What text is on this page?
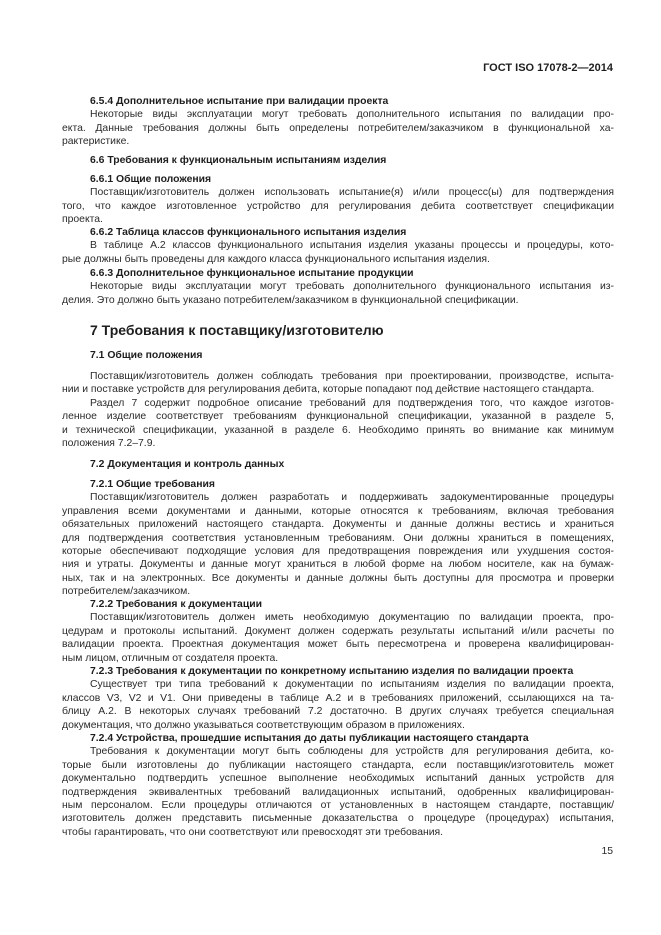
ГОСТ ISO 17078-2—2014
6.5.4 Дополнительное испытание при валидации проекта
Некоторые виды эксплуатации могут требовать дополнительного испытания по валидации про-
екта. Данные требования должны быть определены потребителем/заказчиком в функциональной ха-
рактеристике.
6.6 Требования к функциональным испытаниям изделия
6.6.1 Общие положения
Поставщик/изготовитель должен использовать испытание(я) и/или процесс(ы) для подтверждения
того, что каждое изготовленное устройство для регулирования дебита соответствует спецификации
проекта.
6.6.2 Таблица классов функционального испытания изделия
В таблице А.2 классов функционального испытания изделия указаны процессы и процедуры, кото-
рые должны быть проведены для каждого класса функционального испытания изделия.
6.6.3 Дополнительное функциональное испытание продукции
Некоторые виды эксплуатации могут требовать дополнительного функционального испытания из-
делия. Это должно быть указано потребителем/заказчиком в функциональной спецификации.
7 Требования к поставщику/изготовителю
7.1 Общие положения
Поставщик/изготовитель должен соблюдать требования при проектировании, производстве, испыта-
нии и поставке устройств для регулирования дебита, которые попадают под действие настоящего стандарта.
Раздел 7 содержит подробное описание требований для подтверждения того, что каждое изготов-
ленное изделие соответствует требованиям функциональной спецификации, указанной в разделе 5,
и технической спецификации, указанной в разделе 6. Необходимо принять во внимание как минимум
положения 7.2–7.9.
7.2 Документация и контроль данных
7.2.1 Общие требования
Поставщик/изготовитель должен разработать и поддерживать задокументированные процедуры
управления всеми документами и данными, которые относятся к требованиям, включая требования
обязательных приложений настоящего стандарта. Документы и данные должны вестись и храниться
для подтверждения соответствия установленным требованиям. Они должны храниться в помещениях,
которые обеспечивают подходящие условия для предотвращения повреждения или ухудшения состоя-
ния и утраты. Документы и данные могут храниться в любой форме на любом носителе, как на бумаж-
ных, так и на электронных. Все документы и данные должны быть доступны для просмотра и проверки
потребителем/заказчиком.
7.2.2 Требования к документации
Поставщик/изготовитель должен иметь необходимую документацию по валидации проекта, про-
цедурам и протоколы испытаний. Документ должен содержать результаты испытаний и/или расчеты по
валидации проекта. Проектная документация может быть пересмотрена и проверена квалифицирован-
ным лицом, отличным от создателя проекта.
7.2.3 Требования к документации по конкретному испытанию изделия по валидации проекта
Существует три типа требований к документации по испытаниям изделия по валидации проекта,
классов V3, V2 и V1. Они приведены в таблице А.2 и в требованиях приложений, ссылающихся на та-
блицу А.2. В некоторых случаях требований 7.2 достаточно. В других случаях требуется специальная
документация, что должно указываться соответствующим образом в приложениях.
7.2.4 Устройства, прошедшие испытания до даты публикации настоящего стандарта
Требования к документации могут быть соблюдены для устройств для регулирования дебита, ко-
торые были изготовлены до публикации настоящего стандарта, если поставщик/изготовитель может
документально подтвердить успешное выполнение необходимых испытаний данных устройств для
подтверждения эквивалентных требований валидационных испытаний, одобренных квалифицирован-
ным персоналом. Если процедуры отличаются от установленных в настоящем стандарте, поставщик/
изготовитель должен представить письменные доказательства о процедуре (процедурах) испытания,
чтобы гарантировать, что они соответствуют или превосходят эти требования.
15
